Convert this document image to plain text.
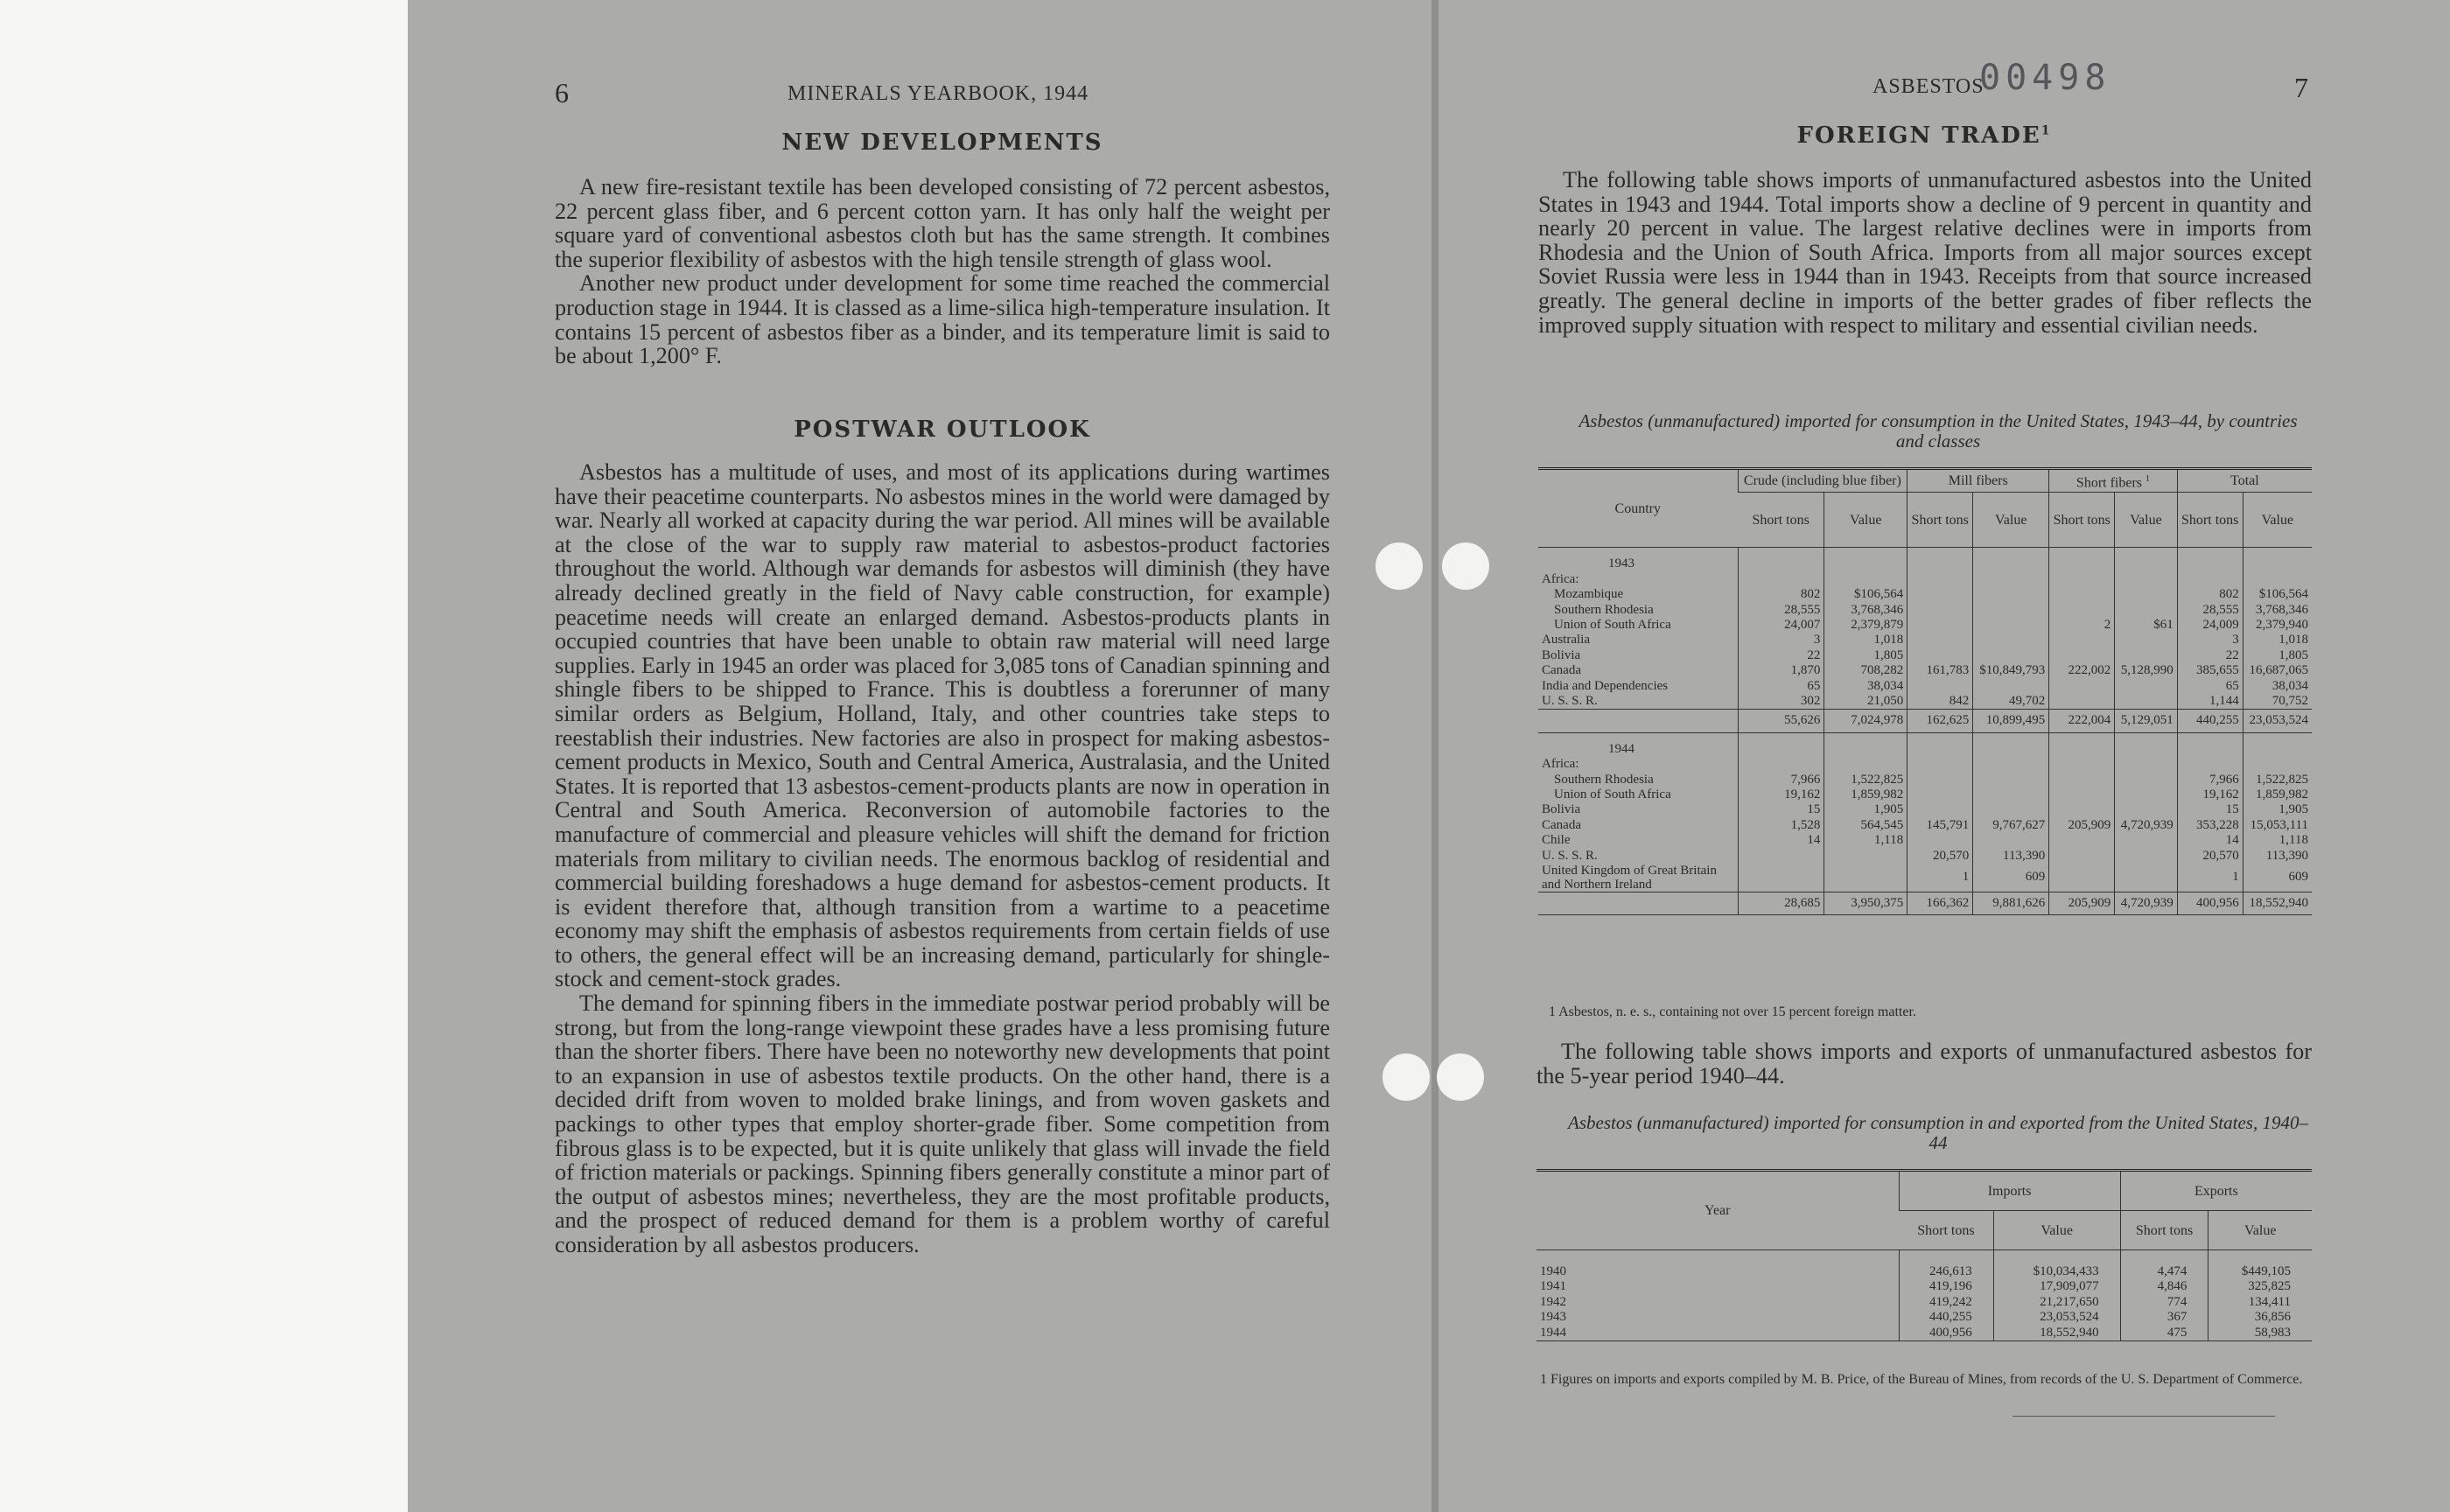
6	MINERALS YEARBOOK, 1944
NEW DEVELOPMENTS

A new fire-resistant textile has been developed consisting of 72 percent asbestos, 22 percent glass fiber, and 6 percent cotton yarn. It has only half the weight per square yard of conventional asbestos cloth but has the same strength. It combines the superior flexibility of asbestos with the high tensile strength of glass wool.

Another new product under development for some time reached the commercial production stage in 1944. It is classed as a lime-silica high-temperature insulation. It contains 15 percent of asbestos fiber as a binder, and its temperature limit is said to be about 1,200° F.

POSTWAR OUTLOOK

Asbestos has a multitude of uses, and most of its applications during wartimes have their peacetime counterparts. No asbestos mines in the world were damaged by war. Nearly all worked at capacity during the war period. All mines will be available at the close of the war to supply raw material to asbestos-product factories throughout the world. Although war demands for asbestos will diminish (they have already declined greatly in the field of Navy cable construction, for example) peacetime needs will create an enlarged demand. Asbestos-products plants in occupied countries that have been unable to obtain raw material will need large supplies. Early in 1945 an order was placed for 3,085 tons of Canadian spinning and shingle fibers to be shipped to France. This is doubtless a forerunner of many similar orders as Belgium, Holland, Italy, and other countries take steps to reestablish their industries. New factories are also in prospect for making asbestos-cement products in Mexico, South and Central America, Australasia, and the United States. It is reported that 13 asbestos-cement-products plants are now in operation in Central and South America. Reconversion of automobile factories to the manufacture of commercial and pleasure vehicles will shift the demand for friction materials from military to civilian needs. The enormous backlog of residential and commercial building foreshadows a huge demand for asbestos-cement products. It is evident therefore that, although transition from a wartime to a peacetime economy may shift the emphasis of asbestos requirements from certain fields of use to others, the general effect will be an increasing demand, particularly for shingle-stock and cement-stock grades.

The demand for spinning fibers in the immediate postwar period probably will be strong, but from the long-range viewpoint these grades have a less promising future than the shorter fibers. There have been no noteworthy new developments that point to an expansion in use of asbestos textile products. On the other hand, there is a decided drift from woven to molded brake linings, and from woven gaskets and packings to other types that employ shorter-grade fiber. Some competition from fibrous glass is to be expected, but it is quite unlikely that glass will invade the field of friction materials or packings. Spinning fibers generally constitute a minor part of the output of asbestos mines; nevertheless, they are the most profitable products, and the prospect of reduced demand for them is a problem worthy of careful consideration by all asbestos producers.

ASBESTOS
00498	7
FOREIGN TRADE$^1$

The following table shows imports of unmanufactured asbestos into the United States in 1943 and 1944. Total imports show a decline of 9 percent in quantity and nearly 20 percent in value. The largest relative declines were in imports from Rhodesia and the Union of South Africa. Imports from all major sources except Soviet Russia were less in 1944 than in 1943. Receipts from that source increased greatly. The general decline in imports of the better grades of fiber reflects the improved supply situation with respect to military and essential civilian needs.

Asbestos (unmanufactured) imported for consumption in the United States, 1943–44, by countries and classes
Country	Crude (including blue fiber)		Mill fibers		Short fibers $^1$		Total	
	Short tons	Value	Short tons	Value	Short tons	Value	Short tons	Value
1943								
Africa:								
Mozambique	802	$106,564					802	$106,564
Southern Rhodesia	28,555	3,768,346					28,555	3,768,346
Union of South Africa	24,007	2,379,879			2	$61	24,009	2,379,940
Australia	3	1,018					3	1,018
Bolivia	22	1,805					22	1,805
Canada	1,870	708,282	161,783	$10,849,793	222,002	5,128,990	385,655	16,687,065
India and Dependencies	65	38,034					65	38,034
U. S. S. R.	302	21,050	842	49,702			1,144	70,752
	55,626	7,024,978	162,625	10,899,495	222,004	5,129,051	440,255	23,053,524
1944								
Africa:								
Southern Rhodesia	7,966	1,522,825					7,966	1,522,825
Union of South Africa	19,162	1,859,982					19,162	1,859,982
Bolivia	15	1,905					15	1,905
Canada	1,528	564,545	145,791	9,767,627	205,909	4,720,939	353,228	15,053,111
Chile	14	1,118					14	1,118
U. S. S. R.			20,570	113,390			20,570	113,390
United Kingdom of Great Britain and Northern Ireland			1	609			1	609
	28,685	3,950,375	166,362	9,881,626	205,909	4,720,939	400,956	18,552,940
1 Asbestos, n. e. s., containing not over 15 percent foreign matter.

The following table shows imports and exports of unmanufactured asbestos for the 5-year period 1940–44.

Asbestos (unmanufactured) imported for consumption in and exported from the United States, 1940–44
Year	Imports		Exports	
	Short tons	Value	Short tons	Value

1940	246,613	$10,034,433	4,474	$449,105
1941	419,196	17,909,077	4,846	325,825
1942	419,242	21,217,650	774	134,411
1943	440,255	23,053,524	367	36,856
1944	400,956	18,552,940	475	58,983
1 Figures on imports and exports compiled by M. B. Price, of the Bureau of Mines, from records of the U. S. Department of Commerce.
